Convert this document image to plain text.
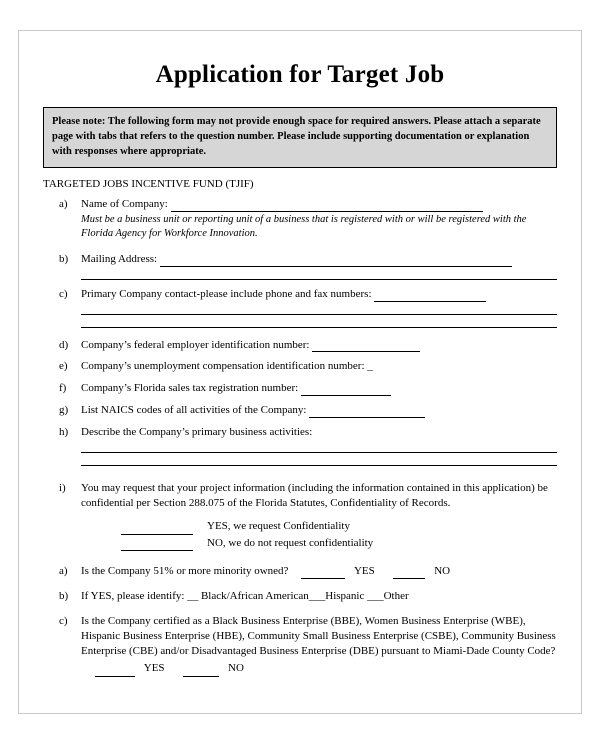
Application for Target Job
Please note: The following form may not provide enough space for required answers. Please attach a separate page with tabs that refers to the question number. Please include supporting documentation or explanation with responses where appropriate.
TARGETED JOBS INCENTIVE FUND (TJIF)
a)	Name of Company:
Must be a business unit or reporting unit of a business that is registered with or will be registered with the Florida Agency for Workforce Innovation.
b)	Mailing Address:
c)	Primary Company contact-please include phone and fax numbers:
d)	Company’s federal employer identification number:
e)	Company’s unemployment compensation identification number: _
f)	Company’s Florida sales tax registration number:
g)	List NAICS codes of all activities of the Company:
h)	Describe the Company’s primary business activities:
i)	You may request that your project information (including the information contained in this application) be confidential per Section 288.075 of the Florida Statutes, Confidentiality of Records.
YES, we request Confidentiality
NO, we do not request confidentiality
a)	Is the Company 51% or more minority owned?	YES	NO
b)	If YES, please identify: __ Black/African American___Hispanic ___Other
c)	Is the Company certified as a Black Business Enterprise (BBE), Women Business Enterprise (WBE), Hispanic Business Enterprise (HBE), Community Small Business Enterprise (CSBE), Community Business Enterprise (CBE) and/or Disadvantaged Business Enterprise (DBE) pursuant to Miami-Dade County Code?
YES	NO
